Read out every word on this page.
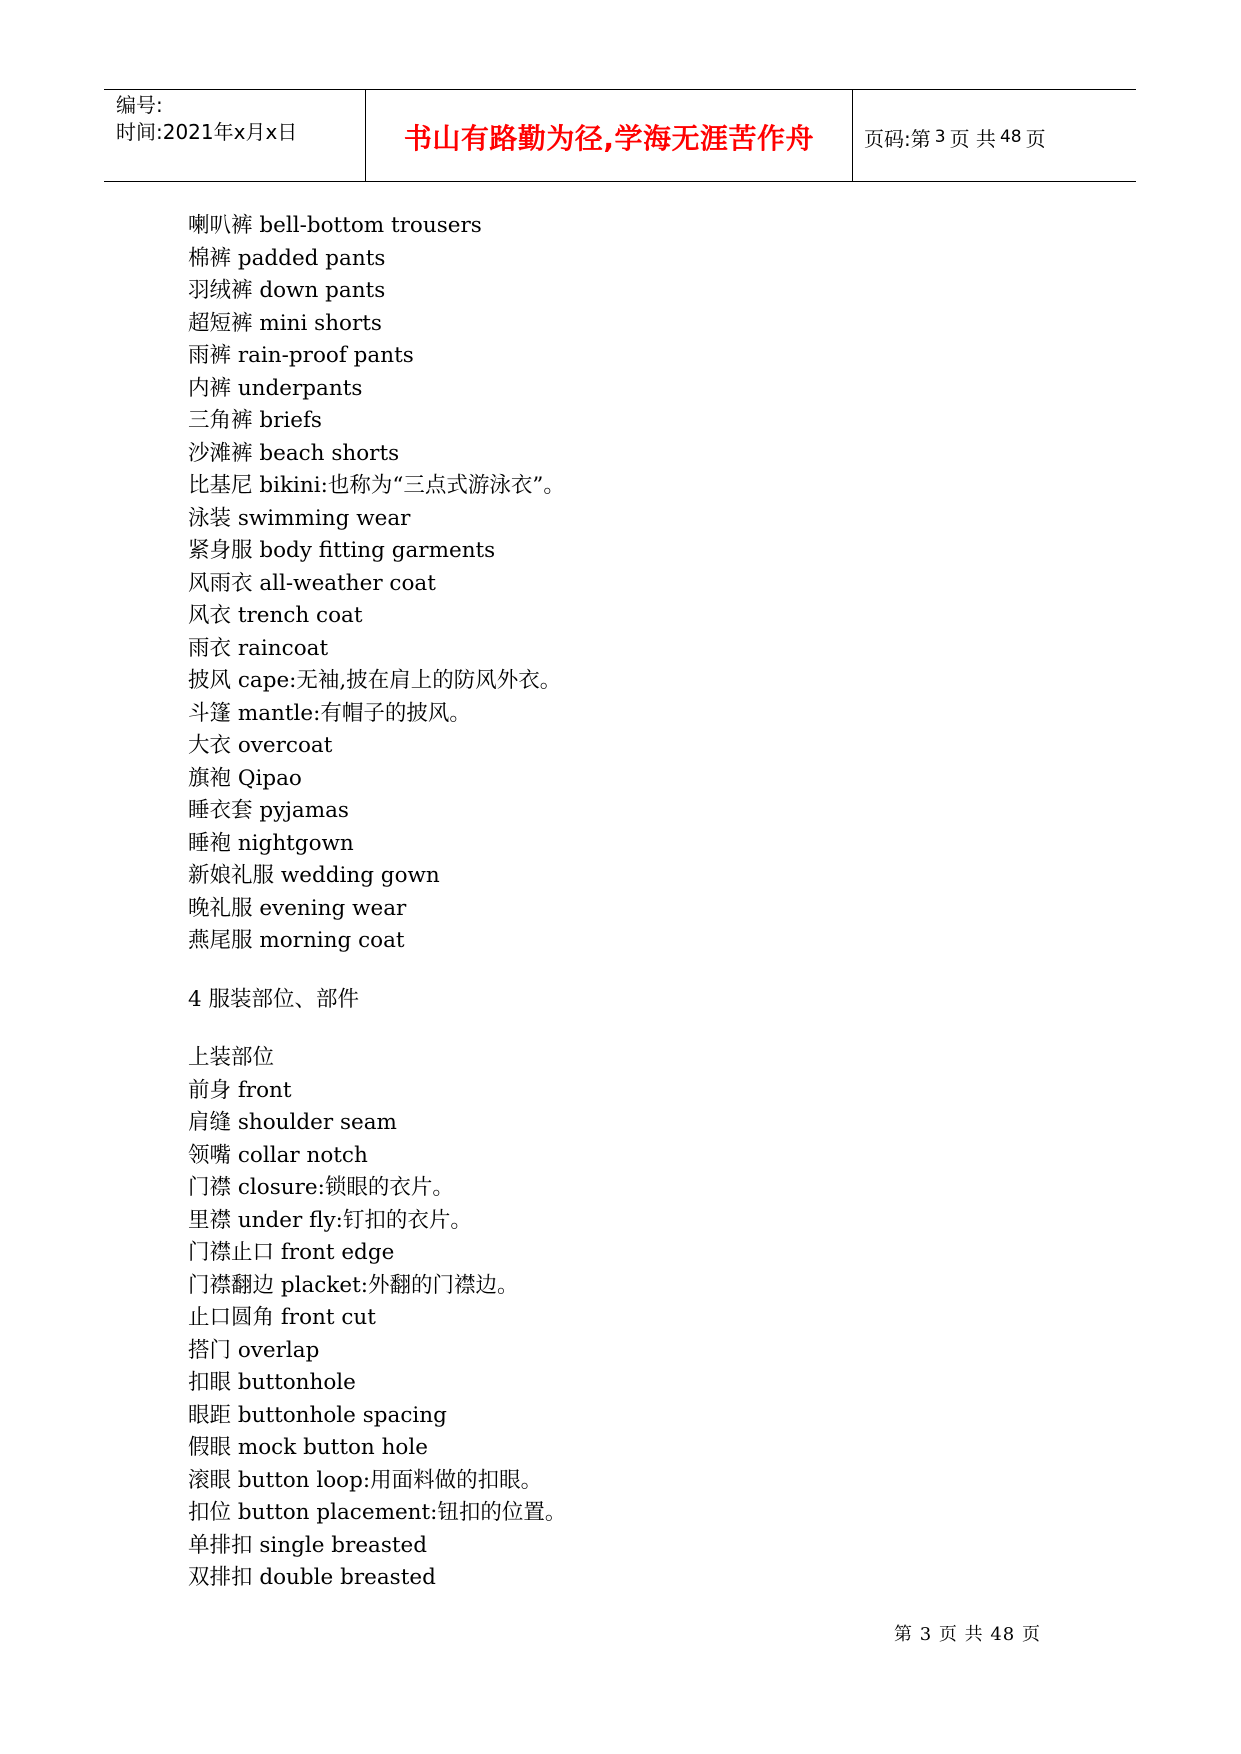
编号:
时间:2021年x月x日	书山有路勤为径,学海无涯苦作舟	页码:第 3 页 共 48 页
喇叭裤 bell-bottom trousers
棉裤 padded pants
羽绒裤 down pants
超短裤 mini shorts
雨裤 rain-proof pants
内裤 underpants
三角裤 briefs
沙滩裤 beach shorts
比基尼 bikini:也称为“三点式游泳衣”。
泳装 swimming wear
紧身服 body fitting garments
风雨衣 all-weather coat
风衣 trench coat
雨衣 raincoat
披风 cape:无袖,披在肩上的防风外衣。
斗篷 mantle:有帽子的披风。
大衣 overcoat
旗袍 Qipao
睡衣套 pyjamas
睡袍 nightgown
新娘礼服 wedding gown
晚礼服 evening wear
燕尾服 morning coat
4 服装部位、部件
上装部位
前身 front
肩缝 shoulder seam
领嘴 collar notch
门襟 closure:锁眼的衣片。
里襟 under fly:钉扣的衣片。
门襟止口 front edge
门襟翻边 placket:外翻的门襟边。
止口圆角 front cut
搭门 overlap
扣眼 buttonhole
眼距 buttonhole spacing
假眼 mock button hole
滚眼 button loop:用面料做的扣眼。
扣位 button placement:钮扣的位置。
单排扣 single breasted
双排扣 double breasted
第 3 页 共 48 页
